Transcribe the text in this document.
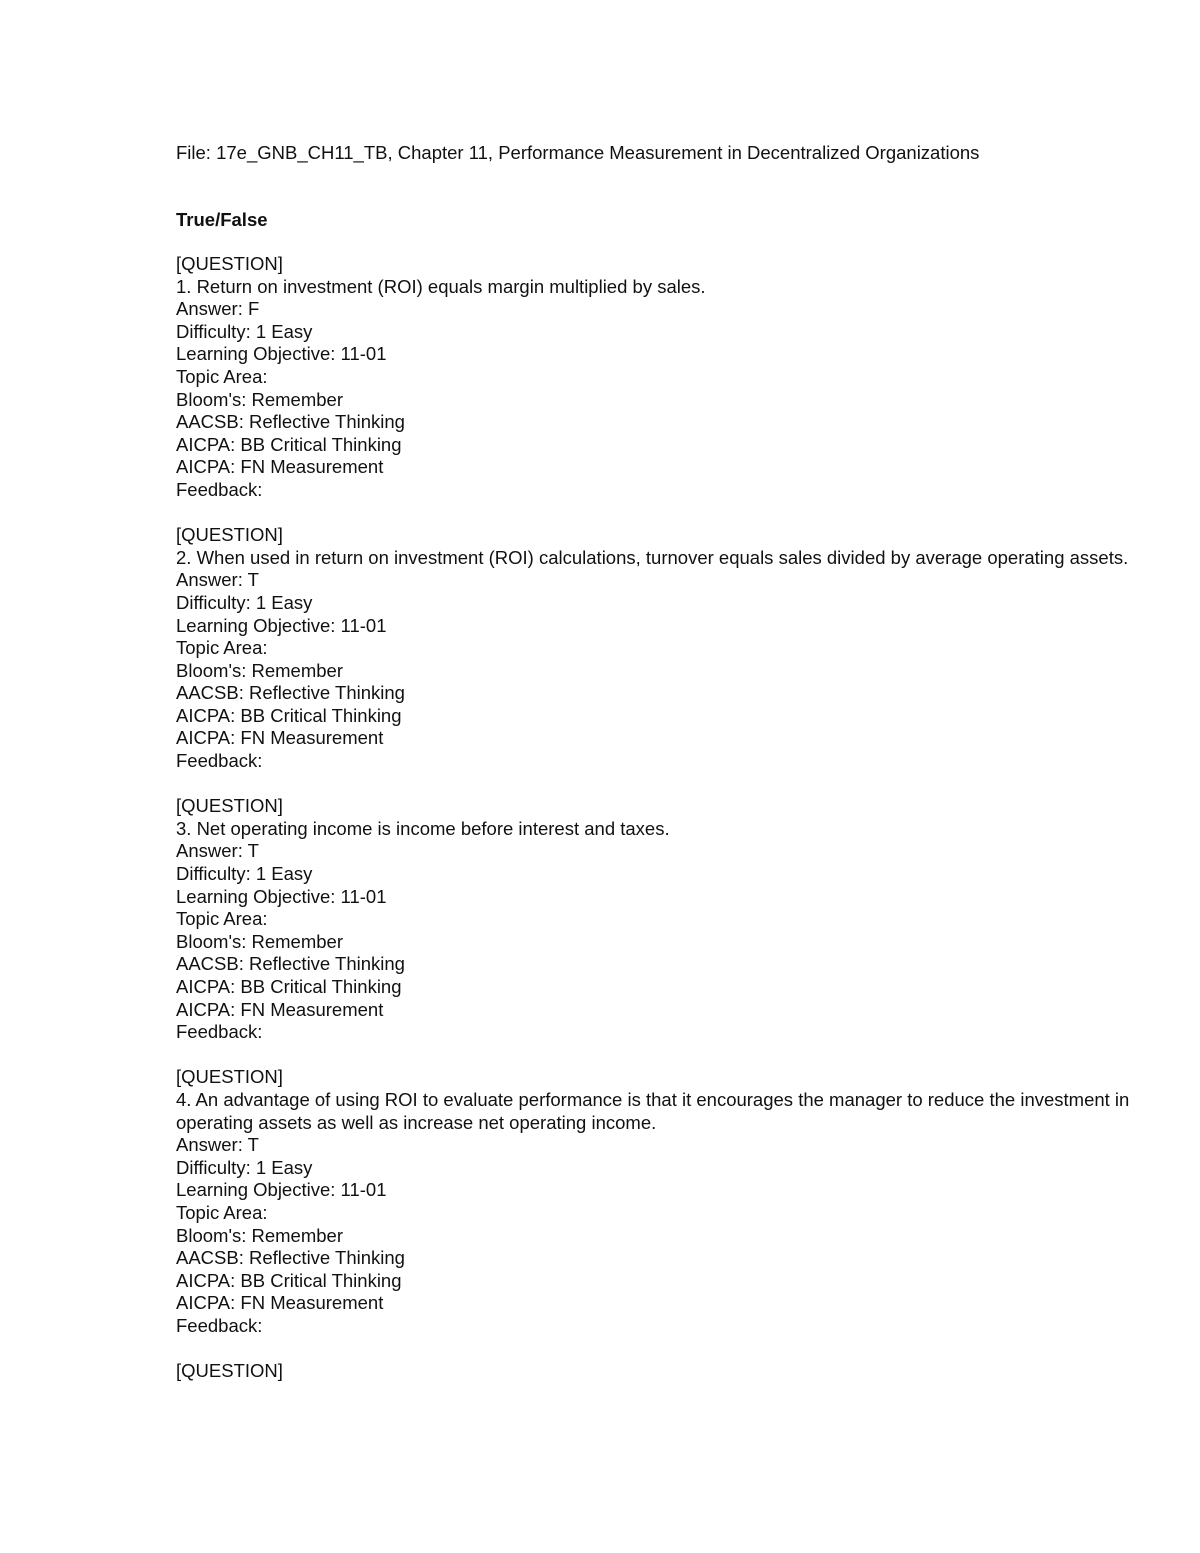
File: 17e_GNB_CH11_TB, Chapter 11, Performance Measurement in Decentralized Organizations
True/False
[QUESTION]
1. Return on investment (ROI) equals margin multiplied by sales.
Answer: F
Difficulty: 1 Easy
Learning Objective: 11-01
Topic Area:
Bloom's: Remember
AACSB: Reflective Thinking
AICPA: BB Critical Thinking
AICPA: FN Measurement
Feedback:
[QUESTION]
2. When used in return on investment (ROI) calculations, turnover equals sales divided by average operating assets.
Answer: T
Difficulty: 1 Easy
Learning Objective: 11-01
Topic Area:
Bloom's: Remember
AACSB: Reflective Thinking
AICPA: BB Critical Thinking
AICPA: FN Measurement
Feedback:
[QUESTION]
3. Net operating income is income before interest and taxes.
Answer: T
Difficulty: 1 Easy
Learning Objective: 11-01
Topic Area:
Bloom's: Remember
AACSB: Reflective Thinking
AICPA: BB Critical Thinking
AICPA: FN Measurement
Feedback:
[QUESTION]
4. An advantage of using ROI to evaluate performance is that it encourages the manager to reduce the investment in operating assets as well as increase net operating income.
Answer: T
Difficulty: 1 Easy
Learning Objective: 11-01
Topic Area:
Bloom's: Remember
AACSB: Reflective Thinking
AICPA: BB Critical Thinking
AICPA: FN Measurement
Feedback:
[QUESTION]
